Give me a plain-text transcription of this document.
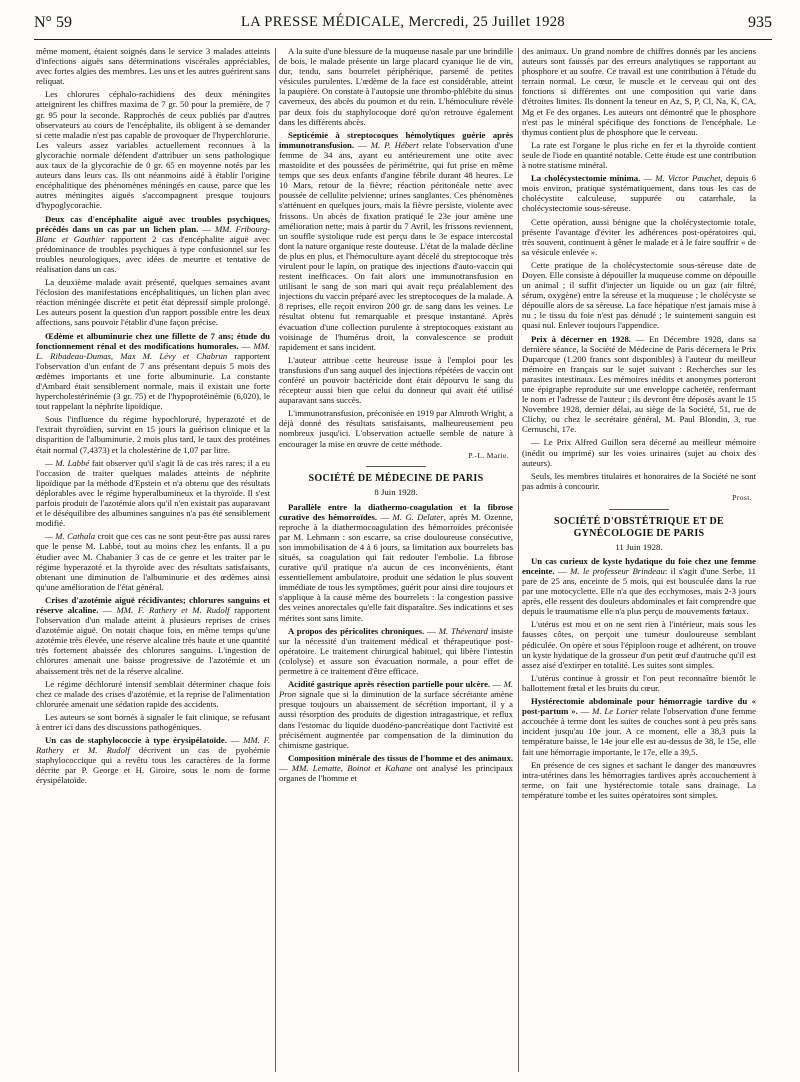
N° 59	LA PRESSE MÉDICALE, Mercredi, 25 Juillet 1928	935

même moment, étaient soignés dans le service 3 malades atteints d'infections aiguës sans déterminations viscérales appréciables, avec fortes algies des membres. Les uns et les autres guérirent sans reliquat.

Les chlorures céphalo-rachidiens des deux méningites atteignirent les chiffres maxima de 7 gr. 50 pour la première, de 7 gr. 95 pour la seconde. Rapprochés de ceux publiés par d'autres observateurs au cours de l'encéphalite, ils obligent à se demander si cette maladie n'est pas capable de provoquer de l'hyperchlorurie. Les valeurs assez variables actuellement reconnues à la glycorachie normale défendent d'attribuer un sens pathologique aux taux de la glycorachie de 0 gr. 65 en moyenne notés par les auteurs dans leurs cas. Ils ont néanmoins aidé à établir l'origine encéphalitique des phénomènes méningés en cause, parce que les autres méningites aiguës s'accompagnent presque toujours d'hypoglycorachie.

Deux cas d'encéphalite aiguë avec troubles psychiques, précédés dans un cas par un lichen plan. — MM. Fribourg-Blanc et Gauthier rapportent 2 cas d'encéphalite aiguë avec prédominance de troubles psychiques à type confusionnel sur les troubles neurologiques, avec idées de meurtre et tentative de réalisation dans un cas.

La deuxième malade avait présenté, quelques semaines avant l'éclosion des manifestations encéphalitiques, un lichen plan avec réaction méningée discrète et petit état dépressif simple prolongé. Les auteurs posent la question d'un rapport possible entre les deux affections, sans pouvoir l'établir d'une façon précise.

Œdème et albuminurie chez une fillette de 7 ans; étude du fonctionnement rénal et des modifications humorales. — MM. L. Ribadeau-Dumas, Max M. Lévy et Chabrun rapportent l'observation d'un enfant de 7 ans présentant depuis 5 mois des œdèmes importants et une forte albuminurie. La constante d'Ambard était sensiblement normale, mais il existait une forte hypercholestérinémie (3 gr. 75) et de l'hypoprotéinémie (6,020), le tout rappelant la néphrite lipoïdique.

Sous l'influence du régime hypochloruré, hyperazoté et de l'extrait thyroïdien, survint en 15 jours la guérison clinique et la disparition de l'albuminurie. 2 mois plus tard, le taux des protéines était normal (7,4373) et la cholestérine de 1,07 par litre.

— M. Labbé fait observer qu'il s'agit là de cas très rares; il a eu l'occasion de traiter quelques malades atteints de néphrite lipoïdique par la méthode d'Epstein et n'a obtenu que des résultats déplorables avec le régime hyperalbumineux et la thyroïde. Il s'est parfois produit de l'azotémie alors qu'il n'en existait pas auparavant et le déséquilibre des albumines sanguines n'a pas été sensiblement modifié.

— M. Cathala croit que ces cas ne sont peut-être pas aussi rares que le pense M. Labbé, tout au moins chez les enfants. Il a pu étudier avec M. Chabanier 3 cas de ce genre et les traiter par le régime hyperazoté et la thyroïde avec des résultats satisfaisants, obtenant une diminution de l'albuminurie et des œdèmes ainsi qu'une amélioration de l'état général.

Crises d'azotémie aiguë récidivantes; chlorures sanguins et réserve alcaline. — MM. F. Rathery et M. Rudolf rapportent l'observation d'un malade atteint à plusieurs reprises de crises d'azotémie aiguë. On notait chaque fois, en même temps qu'une azotémie très élevée, une réserve alcaline très haute et une quantité très fortement abaissée des chlorures sanguins. L'ingestion de chlorures amenait une baisse progressive de l'azotémie et un abaissement très net de la réserve alcaline.

Le régime déchloruré intensif semblait déterminer chaque fois chez ce malade des crises d'azotémie, et la reprise de l'alimentation chlorurée amenait une sédation rapide des accidents.

Les auteurs se sont bornés à signaler le fait clinique, se refusant à entrer ici dans des discussions pathogéniques.

Un cas de staphylococcie à type érysipélatoïde. — MM. F. Rathery et M. Rudolf décrivent un cas de pyohémie staphylococcique qui a revêtu tous les caractères de la forme décrite par P. George et H. Giroire, sous le nom de forme érysipélatoïde.

A la suite d'une blessure de la muqueuse nasale par une brindille de bois, le malade présente un large placard cyanique lie de vin, dur, tendu, sans bourrelet périphérique, parsemé de petites vésicules purulentes. L'œdème de la face est considérable, atteint la paupière. On constate à l'autopsie une thrombo-phlébite du sinus caverneux, des abcès du poumon et du rein. L'hémoculture révèle par deux fois du staphylocoque doré qu'on retrouve également dans les différents abcès.

Septicémie à streptocoques hémolytiques guérie après immunotransfusion. — M. P. Hébert relate l'observation d'une femme de 34 ans, ayant eu antérieurement une otite avec mastoïdite et des poussées de périmétrite, qui fut prise en même temps que ses deux enfants d'angine fébrile durant 48 heures. Le 10 Mars, retour de la fièvre; réaction péritonéale nette avec poussée de cellulite pelvienne; urines sanglantes. Ces phénomènes s'atténuent en quelques jours, mais la fièvre persiste, violente avec frissons. Un abcès de fixation pratiqué le 23e jour amène une amélioration nette; mais à partir du 7 Avril, les frissons reviennent, un souffle systolique rude est perçu dans le 3e espace intercostal dont la nature organique reste douteuse. L'état de la malade décline de plus en plus, et l'hémoculture ayant décelé du streptocoque très virulent pour le lapin, on pratique des injections d'auto-vaccin qui restent inefficaces. On fait alors une immunotransfusion en utilisant le sang de son mari qui avait reçu préalablement des injections du vaccin préparé avec les streptocoques de la malade. A 8 reprises, elle reçoit environ 200 gr. de sang dans les veines. Le résultat obtenu fut remarquable et presque instantané. Après évacuation d'une collection purulente à streptocoques existant au voisinage de l'humérus droit, la convalescence se produit rapidement et sans incident.

L'auteur attribue cette heureuse issue à l'emploi pour les transfusions d'un sang auquel des injections répétées de vaccin ont conféré un pouvoir bactéricide dont était dépourvu le sang du récepteur aussi bien que celui du donneur qui avait été utilisé auparavant sans succès.

L'immunotransfusion, préconisée en 1919 par Almroth Wright, a déjà donné des résultats satisfaisants, malheureusement peu nombreux jusqu'ici. L'observation actuelle semble de nature à encourager la mise en œuvre de cette méthode.

P.-L. Marie.

SOCIÉTÉ DE MÉDECINE DE PARIS
8 Juin 1928.

Parallèle entre la diathermo-coagulation et la fibrose curative des hémorroïdes. — M. G. Delater, après M. Ozenne, reproche à la diathermocoagulation des hémorroïdes préconisée par M. Lehmann : son escarre, sa crise douloureuse consécutive, son immobilisation de 4 à 6 jours, sa limitation aux bourrelets bas situés, sa coagulation qui fait redouter l'embolie. La fibrose curative qu'il pratique n'a aucun de ces inconvénients, étant essentiellement ambulatoire, produit une sédation le plus souvent immédiate de tous les symptômes, guérit pour ainsi dire toujours et s'applique à la cause même des bourrelets : la congestion passive des veines anorectales qu'elle fait disparaître. Ses indications et ses mérites sont sans limite.

A propos des péricolites chroniques. — M. Thévenard insiste sur la nécessité d'un traitement médical et thérapeutique post-opératoire. Le traitement chirurgical habituel, qui libère l'intestin (cololyse) et assure son évacuation normale, a pour effet de permettre à ce traitement d'être efficace.

Acidité gastrique après résection partielle pour ulcère. — M. Pron signale que si la diminution de la surface sécrétante amène presque toujours un abaissement de sécrétion important, il y a aussi résorption des produits de digestion intragastrique, et reflux dans l'estomac du liquide duodéno-pancréatique dont l'activité est précisément augmentée par compensation de la diminution du chimisme gastrique.

Composition minérale des tissus de l'homme et des animaux. — MM. Lematte, Boinot et Kahane ont analysé les principaux organes de l'homme et

des animaux. Un grand nombre de chiffres donnés par les anciens auteurs sont faussés par des erreurs analytiques se rapportant au phosphore et au soufre. Ce travail est une contribution à l'étude du terrain normal. Le cœur, le muscle et le cerveau qui ont des fonctions si différentes ont une composition qui varie dans d'étroites limites. Ils donnent la teneur en Az, S, P, Cl, Na, K, CA, Mg et Fe des organes. Les auteurs ont démontré que le phosphore n'est pas le minéral spécifique des fonctions de l'encéphale. Le thymus contient plus de phosphore que le cerveau.

La rate est l'organe le plus riche en fer et la thyroïde contient seule de l'iode en quantité notable. Cette étude est une contribution à notre statisme minéral.

La cholécystectomie minima. — M. Victor Pauchet, depuis 6 mois environ, pratique systématiquement, dans tous les cas de cholécystite calculeuse, suppurée ou catarrhale, la cholécystectomie sous-séreuse.

Cette opération, aussi bénigne que la cholécystectomie totale, présente l'avantage d'éviter les adhérences post-opératoires qui, très souvent, continuent à gêner le malade et à le faire souffrir « de sa vésicule enlevée ».

Cette pratique de la cholécystectomie sous-séreuse date de Doyen. Elle consiste à dépouiller la muqueuse comme on dépouille un animal ; il suffit d'injecter un liquide ou un gaz (air filtré, sérum, oxygène) entre la séreuse et la muqueuse ; le cholécyste se dépouille alors de sa séreuse. La face hépatique n'est jamais mise à nu ; le tissu du foie n'est pas dénudé ; le suintement sanguin est quasi nul. Enlever toujours l'appendice.

Prix à décerner en 1928. — En Décembre 1928, dans sa dernière séance, la Société de Médecine de Paris décernera le Prix Duparcque (1.200 francs sont disponibles) à l'auteur du meilleur mémoire en français sur le sujet suivant : Recherches sur les parasites intestinaux. Les mémoires inédits et anonymes porteront une épigraphe reproduite sur une enveloppe cachetée, renfermant le nom et l'adresse de l'auteur ; ils devront être déposés avant le 15 Novembre 1928, dernier délai, au siège de la Société, 51, rue de Clichy, ou chez le secrétaire général, M. Paul Blondin, 3, rue Cernuschi, 17e.

— Le Prix Alfred Guillon sera décerné au meilleur mémoire (inédit ou imprimé) sur les voies urinaires (sujet au choix des auteurs).

Seuls, les membres titulaires et honoraires de la Société ne sont pas admis à concourir.

Prost.

SOCIÉTÉ D'OBSTÉTRIQUE ET DE GYNÉCOLOGIE DE PARIS
11 Juin 1928.

Un cas curieux de kyste hydatique du foie chez une femme enceinte. — M. le professeur Brindeau: il s'agit d'une Serbe, 11 pare de 25 ans, enceinte de 5 mois, qui est bousculée dans la rue par une motocyclette. Elle n'a que des ecchymoses, mais 2-3 jours après, elle ressent des douleurs abdominales et fait comprendre que depuis le traumatisme elle n'a plus perçu de mouvements fœtaux.

L'utérus est mou et on ne sent rien à l'intérieur, mais sous les fausses côtes, on perçoit une tumeur douloureuse semblant pédiculée. On opère et sous l'épiploon rouge et adhérent, on trouve un kyste hydatique de la grosseur d'un petit œuf d'autruche qu'il est assez aisé d'extirper en totalité. Les suites sont simples.

L'utérus continue à grossir et l'on peut reconnaître bientôt le ballottement fœtal et les bruits du cœur.

Hystérectomie abdominale pour hémorragie tardive du « post-partum ». — M. Le Lorier relate l'observation d'une femme accouchée à terme dont les suites de couches sont à peu près sans incident jusqu'au 10e jour. A ce moment, elle a 38,3 puis la température baisse, le 14e jour elle est au-dessus de 38, le 15e, elle fait une hémorragie importante, le 17e, elle a 39,5.

En présence de ces signes et sachant le danger des manœuvres intra-utérines dans les hémorragies tardives après accouchement à terme, on fait une hystérectomie totale sans drainage. La température tombe et les suites opératoires sont simples.
